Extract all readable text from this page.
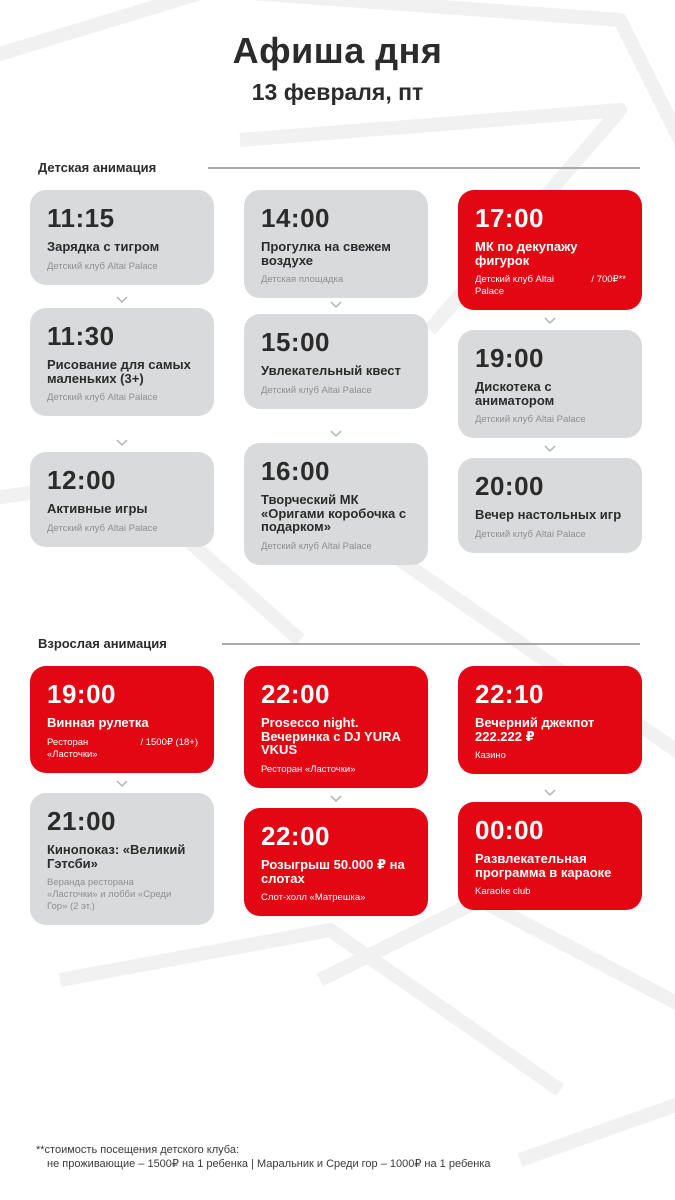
Афиша дня
13 февраля, пт
Детская анимация
11:15
Зарядка с тигром
Детский клуб Altai Palace
11:30
Рисование для самых маленьких (3+)
Детский клуб Altai Palace
12:00
Активные игры
Детский клуб Altai Palace
14:00
Прогулка на свежем воздухе
Детская площадка
15:00
Увлекательный квест
Детский клуб Altai Palace
16:00
Творческий МК «Оригами коробочка с подарком»
Детский клуб Altai Palace
17:00
МК по декупажу фигурок
Детский клуб Altai Palace
/ 700₽**
19:00
Дискотека с аниматором
Детский клуб Altai Palace
20:00
Вечер настольных игр
Детский клуб Altai Palace
Взрослая анимация
19:00
Винная рулетка
Ресторан «Ласточки»
/ 1500₽ (18+)
21:00
Кинопоказ: «Великий Гэтсби»
Веранда ресторана «Ласточки» и лобби «Среди Гор» (2 эт.)
22:00
Prosecco night. Вечеринка с DJ YURA VKUS
Ресторан «Ласточки»
22:00
Розыгрыш 50.000 ₽ на слотах
Слот-холл «Матрешка»
22:10
Вечерний джекпот 222.222 ₽
Казино
00:00
Развлекательная программа в караоке
Karaoke club
**стоимость посещения детского клуба:
не проживающие – 1500₽ на 1 ребенка | Маральник и Среди гор – 1000₽ на 1 ребенка
